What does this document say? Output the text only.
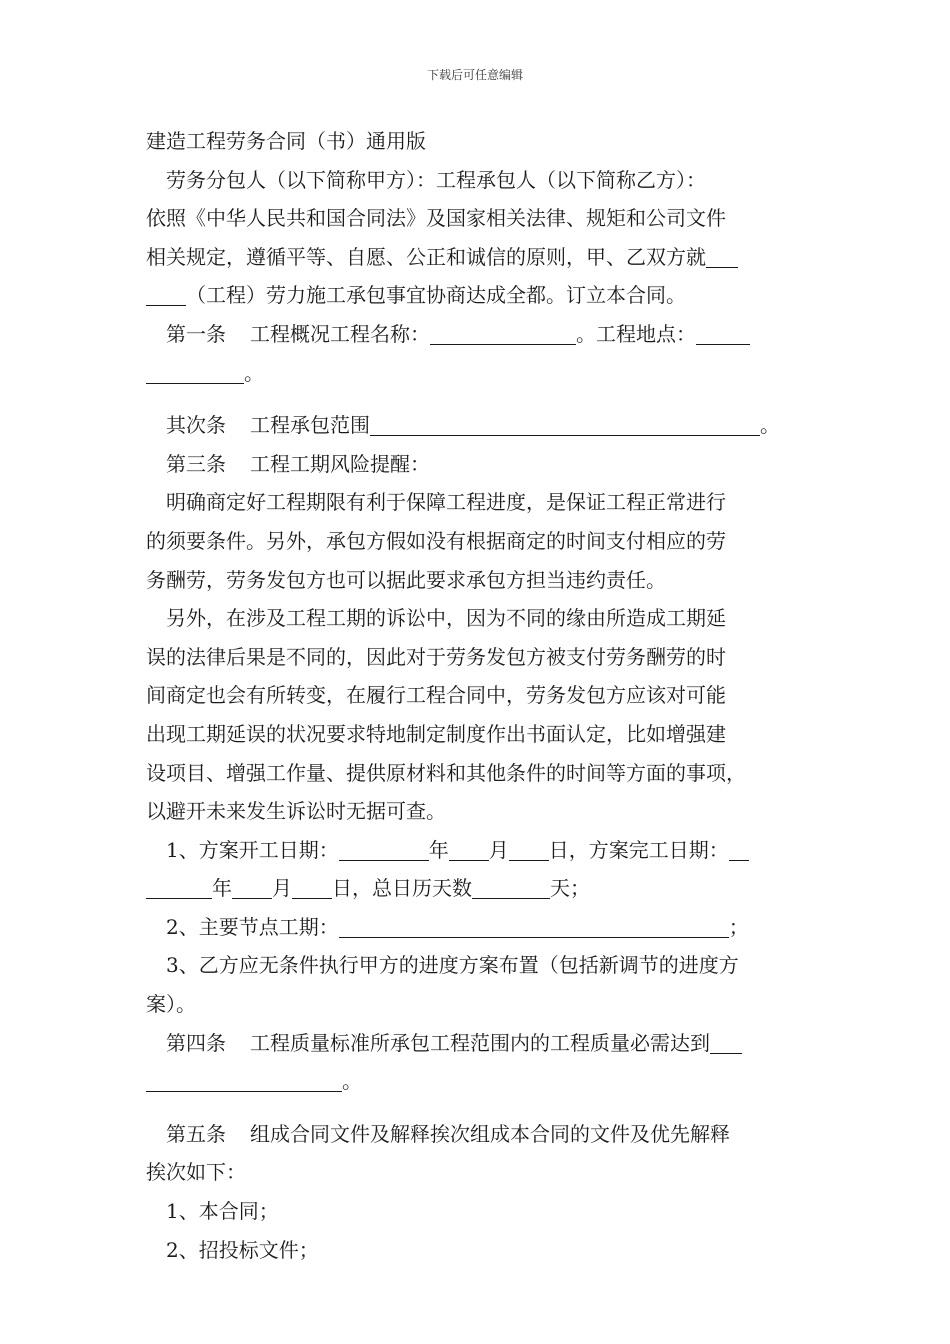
下载后可任意编辑
建造工程劳务合同（书）通用版
劳务分包人（以下简称甲方）：工程承包人（以下简称乙方）：
依照《中华人民共和国合同法》及国家相关法律、规矩和公司文件
相关规定，遵循平等、自愿、公正和诚信的原则，甲、乙双方就
（工程）劳力施工承包事宜协商达成全都。订立本合同。
第一条 工程概况工程名称：	。工程地点：
。
其次条 工程承包范围	。
第三条 工程工期风险提醒：
明确商定好工程期限有利于保障工程进度，是保证工程正常进行
的须要条件。另外，承包方假如没有根据商定的时间支付相应的劳
务酬劳，劳务发包方也可以据此要求承包方担当违约责任。
另外，在涉及工程工期的诉讼中，因为不同的缘由所造成工期延
误的法律后果是不同的，因此对于劳务发包方被支付劳务酬劳的时
间商定也会有所转变，在履行工程合同中，劳务发包方应该对可能
出现工期延误的状况要求特地制定制度作出书面认定，比如增强建
设项目、增强工作量、提供原材料和其他条件的时间等方面的事项，
以避开未来发生诉讼时无据可查。
1、方案开工日期：	年 月 日，方案完工日期：
年 月 日，总日历天数	天；
2、主要节点工期：	；
3、乙方应无条件执行甲方的进度方案布置（包括新调节的进度方
案）。
第四条 工程质量标准所承包工程范围内的工程质量必需达到
。
第五条 组成合同文件及解释挨次组成本合同的文件及优先解释
挨次如下：
1、本合同；
2、招投标文件；
